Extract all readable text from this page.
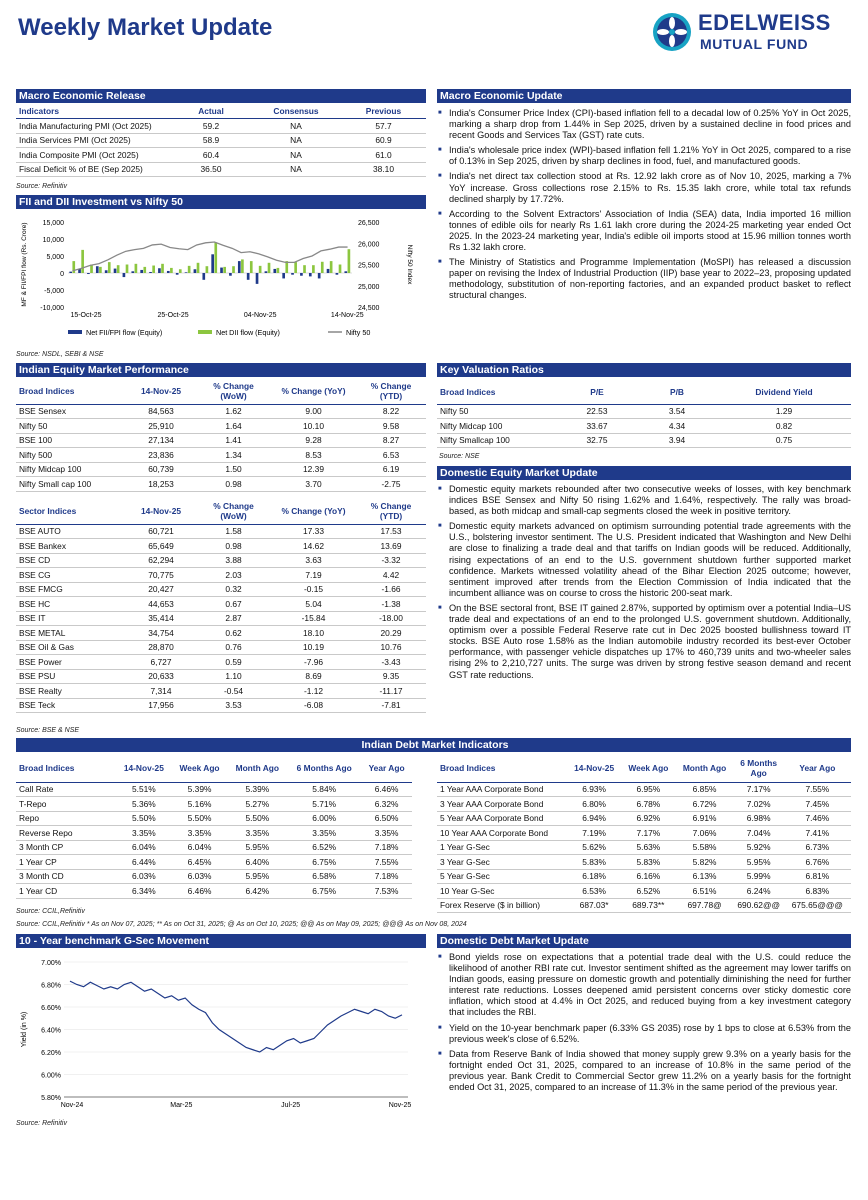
Weekly Market Update	EDELWEISS
MUTUAL FUND
Macro Economic Release
Indicators	Actual	Consensus	Previous
India Manufacturing PMI (Oct 2025)	59.2	NA	57.7
India Services PMI (Oct 2025)	58.9	NA	60.9
India Composite PMI (Oct 2025)	60.4	NA	61.0
Fiscal Deficit % of BE (Sep 2025)	36.50	NA	38.10
Source: Refinitiv
FII and DII Investment vs Nifty 50
15,000
10,000
5,000
0
-5,000
-10,000
26,500
26,000
25,500
25,000
24,500
15-Oct-25	25-Oct-25	04-Nov-25	14-Nov-25
MF & FII/FPI flow (Rs. Crore)	Nifty 50 Index
Net FII/FPI flow (Equity)	Net DII flow (Equity)	Nifty 50
Source: NSDL, SEBI & NSE
Macro Economic Update
■ India's Consumer Price Index (CPI)-based inflation fell to a decadal low of 0.25% YoY in Oct 2025, marking a sharp drop from 1.44% in Sep 2025, driven by a sustained decline in food prices and recent Goods and Services Tax (GST) rate cuts.
■ India's wholesale price index (WPI)-based inflation fell 1.21% YoY in Oct 2025, compared to a rise of 0.13% in Sep 2025, driven by sharp declines in food, fuel, and manufactured goods.
■ India's net direct tax collection stood at Rs. 12.92 lakh crore as of Nov 10, 2025, marking a 7% YoY increase. Gross collections rose 2.15% to Rs. 15.35 lakh crore, while total tax refunds declined sharply by 17.72%.
■ According to the Solvent Extractors' Association of India (SEA) data, India imported 16 million tonnes of edible oils for nearly Rs 1.61 lakh crore during the 2024-25 marketing year ended Oct 2025. In the 2023-24 marketing year, India's edible oil imports stood at 15.96 million tonnes worth Rs 1.32 lakh crore.
■ The Ministry of Statistics and Programme Implementation (MoSPI) has released a discussion paper on revising the Index of Industrial Production (IIP) base year to 2022–23, proposing updated methodology, substitution of non-reporting factories, and an expanded product basket to reflect structural changes.
Indian Equity Market Performance
Broad Indices	14-Nov-25	% Change (WoW)	% Change (YoY)	% Change (YTD)
BSE Sensex	84,563	1.62	9.00	8.22
Nifty 50	25,910	1.64	10.10	9.58
BSE 100	27,134	1.41	9.28	8.27
Nifty 500	23,836	1.34	8.53	6.53
Nifty Midcap 100	60,739	1.50	12.39	6.19
Nifty Small cap 100	18,253	0.98	3.70	-2.75
Sector Indices	14-Nov-25	% Change (WoW)	% Change (YoY)	% Change (YTD)
BSE AUTO	60,721	1.58	17.33	17.53
BSE Bankex	65,649	0.98	14.62	13.69
BSE CD	62,294	3.88	3.63	-3.32
BSE CG	70,775	2.03	7.19	4.42
BSE FMCG	20,427	0.32	-0.15	-1.66
BSE HC	44,653	0.67	5.04	-1.38
BSE IT	35,414	2.87	-15.84	-18.00
BSE METAL	34,754	0.62	18.10	20.29
BSE Oil & Gas	28,870	0.76	10.19	10.76
BSE Power	6,727	0.59	-7.96	-3.43
BSE PSU	20,633	1.10	8.69	9.35
BSE Realty	7,314	-0.54	-1.12	-11.17
BSE Teck	17,956	3.53	-6.08	-7.81
Source: BSE & NSE
Key Valuation Ratios
Broad Indices	P/E	P/B	Dividend Yield
Nifty 50	22.53	3.54	1.29
Nifty Midcap 100	33.67	4.34	0.82
Nifty Smallcap 100	32.75	3.94	0.75
Source: NSE
Domestic Equity Market Update
■ Domestic equity markets rebounded after two consecutive weeks of losses, with key benchmark indices BSE Sensex and Nifty 50 rising 1.62% and 1.64%, respectively. The rally was broad-based, as both midcap and small-cap segments closed the week in positive territory.
■ Domestic equity markets advanced on optimism surrounding potential trade agreements with the U.S., bolstering investor sentiment. The U.S. President indicated that Washington and New Delhi are close to finalizing a trade deal and that tariffs on Indian goods will be reduced. Additionally, rising expectations of an end to the U.S. government shutdown further supported market confidence. Markets witnessed volatility ahead of the Bihar Election 2025 outcome; however, sentiment improved after trends from the Election Commission of India indicated that the incumbent alliance was on course to cross the historic 200-seat mark.
■ On the BSE sectoral front, BSE IT gained 2.87%, supported by optimism over a potential India–US trade deal and expectations of an end to the prolonged U.S. government shutdown. Additionally, optimism over a possible Federal Reserve rate cut in Dec 2025 boosted bullishness toward IT stocks. BSE Auto rose 1.58% as the Indian automobile industry recorded its best-ever October performance, with passenger vehicle dispatches up 17% to 460,739 units and two-wheeler sales rising 2% to 2,210,727 units. The surge was driven by strong festive season demand and recent GST rate reductions.
Indian Debt Market Indicators
Broad Indices	14-Nov-25	Week Ago	Month Ago	6 Months Ago	Year Ago
Call Rate	5.51%	5.39%	5.39%	5.84%	6.46%
T-Repo	5.36%	5.16%	5.27%	5.71%	6.32%
Repo	5.50%	5.50%	5.50%	6.00%	6.50%
Reverse Repo	3.35%	3.35%	3.35%	3.35%	3.35%
3 Month CP	6.04%	6.04%	5.95%	6.52%	7.18%
1 Year CP	6.44%	6.45%	6.40%	6.75%	7.55%
3 Month CD	6.03%	6.03%	5.95%	6.58%	7.18%
1 Year CD	6.34%	6.46%	6.42%	6.75%	7.53%
Source: CCIL,Refinitiv
Broad Indices	14-Nov-25	Week Ago	Month Ago	6 Months Ago	Year Ago
1 Year AAA Corporate Bond	6.93%	6.95%	6.85%	7.17%	7.55%
3 Year AAA Corporate Bond	6.80%	6.78%	6.72%	7.02%	7.45%
5 Year AAA Corporate Bond	6.94%	6.92%	6.91%	6.98%	7.46%
10 Year AAA Corporate Bond	7.19%	7.17%	7.06%	7.04%	7.41%
1 Year G-Sec	5.62%	5.63%	5.58%	5.92%	6.73%
3 Year G-Sec	5.83%	5.83%	5.82%	5.95%	6.76%
5 Year G-Sec	6.18%	6.16%	6.13%	5.99%	6.81%
10 Year G-Sec	6.53%	6.52%	6.51%	6.24%	6.83%
Forex Reserve ($ in billion)	687.03*	689.73**	697.78@	690.62@@	675.65@@@
Source: CCIL,Refinitiv * As on Nov 07, 2025; ** As on Oct 31, 2025; @ As on Oct 10, 2025; @@ As on May 09, 2025; @@@ As on Nov 08, 2024
10 - Year benchmark G-Sec Movement
7.00%
6.80%
6.60%
6.40%
6.20%
6.00%
5.80%
Nov-24	Mar-25	Jul-25	Nov-25
Yield (in %)
Source: Refinitiv
Domestic Debt Market Update
■ Bond yields rose on expectations that a potential trade deal with the U.S. could reduce the likelihood of another RBI rate cut. Investor sentiment shifted as the agreement may lower tariffs on Indian goods, easing pressure on domestic growth and potentially diminishing the need for further interest rate reductions. Losses deepened amid persistent concerns over sticky domestic core inflation, which stood at 4.4% in Oct 2025, and reduced buying from a key investment category that includes the RBI.
■ Yield on the 10-year benchmark paper (6.33% GS 2035) rose by 1 bps to close at 6.53% from the previous week's close of 6.52%.
■ Data from Reserve Bank of India showed that money supply grew 9.3% on a yearly basis for the fortnight ended Oct 31, 2025, compared to an increase of 10.8% in the same period of the previous year. Bank Credit to Commercial Sector grew 11.2% on a yearly basis for the fortnight ended Oct 31, 2025, compared to an increase of 11.3% in the same period of the previous year.
